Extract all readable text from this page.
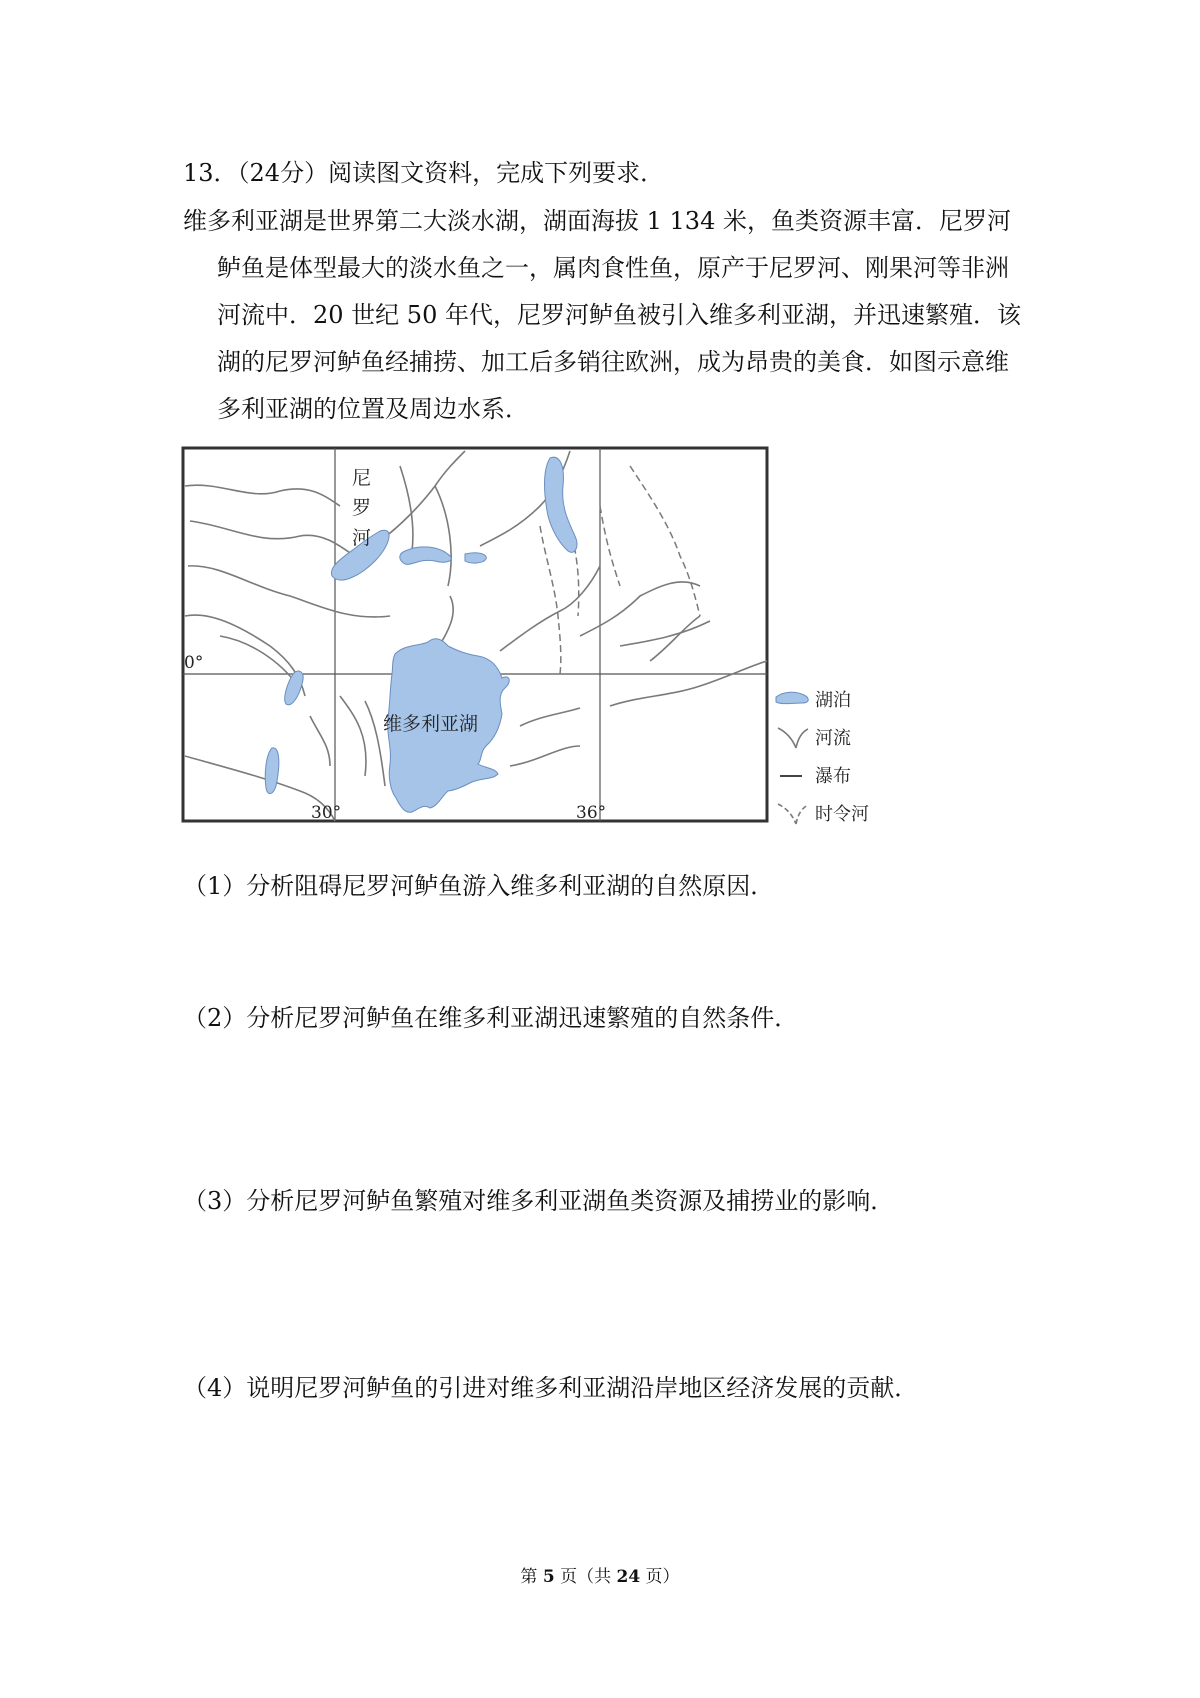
13．（24分）阅读图文资料，完成下列要求．
维多利亚湖是世界第二大淡水湖，湖面海拔 1 134 米，鱼类资源丰富．尼罗河
鲈鱼是体型最大的淡水鱼之一，属肉食性鱼，原产于尼罗河、刚果河等非洲
河流中．20 世纪 50 年代，尼罗河鲈鱼被引入维多利亚湖，并迅速繁殖．该
湖的尼罗河鲈鱼经捕捞、加工后多销往欧洲，成为昂贵的美食．如图示意维
多利亚湖的位置及周边水系．
尼
罗
河
维多利亚湖
0°
30°	36°
湖泊
河流
瀑布
时令河
（1）分析阻碍尼罗河鲈鱼游入维多利亚湖的自然原因．
（2）分析尼罗河鲈鱼在维多利亚湖迅速繁殖的自然条件．
（3）分析尼罗河鲈鱼繁殖对维多利亚湖鱼类资源及捕捞业的影响．
（4）说明尼罗河鲈鱼的引进对维多利亚湖沿岸地区经济发展的贡献．
第 5 页（共 24 页）
